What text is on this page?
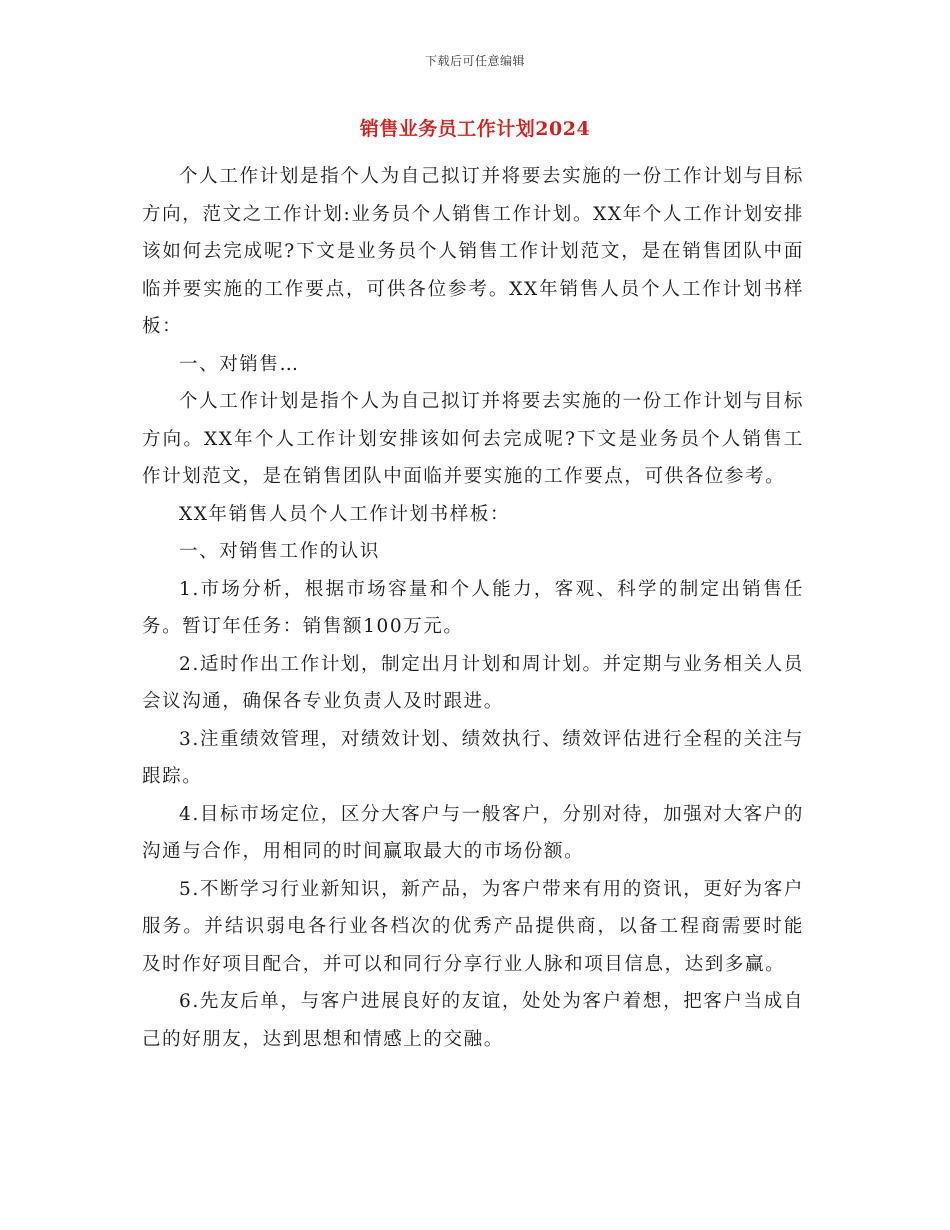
下载后可任意编辑
销售业务员工作计划2024

个人工作计划是指个人为自己拟订并将要去实施的一份工作计划与目标方向，范文之工作计划:业务员个人销售工作计划。XX年个人工作计划安排该如何去完成呢?下文是业务员个人销售工作计划范文，是在销售团队中面临并要实施的工作要点，可供各位参考。XX年销售人员个人工作计划书样板：

一、对销售…

个人工作计划是指个人为自己拟订并将要去实施的一份工作计划与目标方向。XX年个人工作计划安排该如何去完成呢?下文是业务员个人销售工作计划范文，是在销售团队中面临并要实施的工作要点，可供各位参考。

XX年销售人员个人工作计划书样板：

一、对销售工作的认识

1.市场分析，根据市场容量和个人能力，客观、科学的制定出销售任务。暂订年任务：销售额100万元。

2.适时作出工作计划，制定出月计划和周计划。并定期与业务相关人员会议沟通，确保各专业负责人及时跟进。

3.注重绩效管理，对绩效计划、绩效执行、绩效评估进行全程的关注与跟踪。

4.目标市场定位，区分大客户与一般客户，分别对待，加强对大客户的沟通与合作，用相同的时间赢取最大的市场份额。

5.不断学习行业新知识，新产品，为客户带来有用的资讯，更好为客户服务。并结识弱电各行业各档次的优秀产品提供商，以备工程商需要时能及时作好项目配合，并可以和同行分享行业人脉和项目信息，达到多赢。

6.先友后单，与客户进展良好的友谊，处处为客户着想，把客户当成自己的好朋友，达到思想和情感上的交融。
